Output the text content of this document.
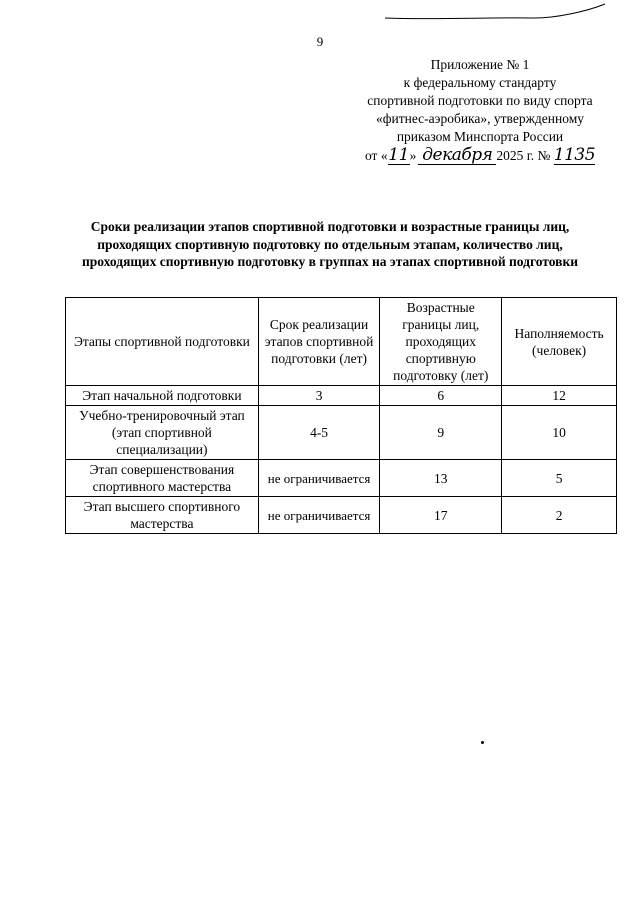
9
Приложение № 1
к федеральному стандарту
спортивной подготовки по виду спорта
«фитнес-аэробика», утвержденному
приказом Минспорта России
от «11» декабря 2025 г. № 1135
Сроки реализации этапов спортивной подготовки и возрастные границы лиц, проходящих спортивную подготовку по отдельным этапам, количество лиц, проходящих спортивную подготовку в группах на этапах спортивной подготовки
Этапы спортивной подготовки	Срок реализации этапов спортивной подготовки (лет)	Возрастные границы лиц, проходящих спортивную подготовку (лет)	Наполняемость (человек)
Этап начальной подготовки	3	6	12
Учебно-тренировочный этап (этап спортивной специализации)	4-5	9	10
Этап совершенствования спортивного мастерства	не ограничивается	13	5
Этап высшего спортивного мастерства	не ограничивается	17	2
